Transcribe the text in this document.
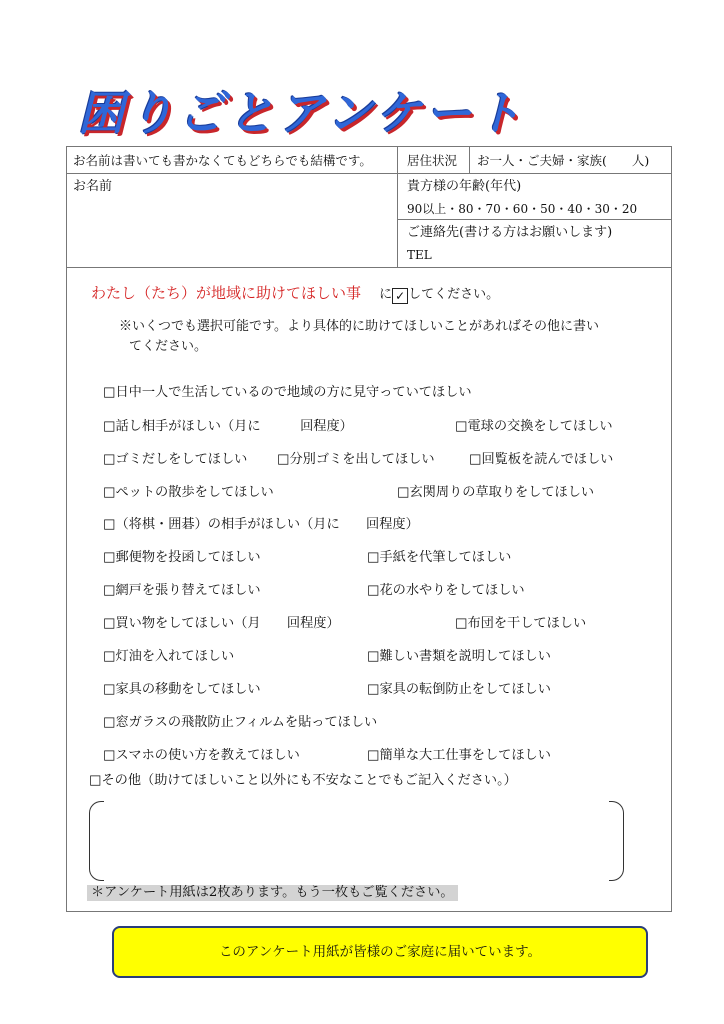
困りごとアンケート
お名前は書いても書かなくてもどちらでも結構です。	居住状況 お一人・ご夫婦・家族(　　人)
お名前	貴方様の年齢(年代)
90以上・80・70・60・50・40・30・20
ご連絡先(書ける方はお願いします)
TEL
わたし（たち）が地域に助けてほしい事 に ✓ してください。
※いくつでも選択可能です。より具体的に助けてほしいことがあればその他に書い
てください。
□日中一人で生活しているので地域の方に見守っていてほしい
□話し相手がほしい（月に　　　回程度）	□電球の交換をしてほしい
□ゴミだしをしてほしい □分別ゴミを出してほしい	□回覧板を読んでほしい
□ペットの散歩をしてほしい	□玄関周りの草取りをしてほしい
□（将棋・囲碁）の相手がほしい（月に　　回程度）
□郵便物を投函してほしい	□手紙を代筆してほしい
□網戸を張り替えてほしい	□花の水やりをしてほしい
□買い物をしてほしい（月　　回程度）	□布団を干してほしい
□灯油を入れてほしい	□難しい書類を説明してほしい
□家具の移動をしてほしい	□家具の転倒防止をしてほしい
□窓ガラスの飛散防止フィルムを貼ってほしい
□スマホの使い方を教えてほしい	□簡単な大工仕事をしてほしい
□その他（助けてほしいこと以外にも不安なことでもご記入ください。）
＊アンケート用紙は2枚あります。もう一枚もご覧ください。
このアンケート用紙が皆様のご家庭に届いています。
